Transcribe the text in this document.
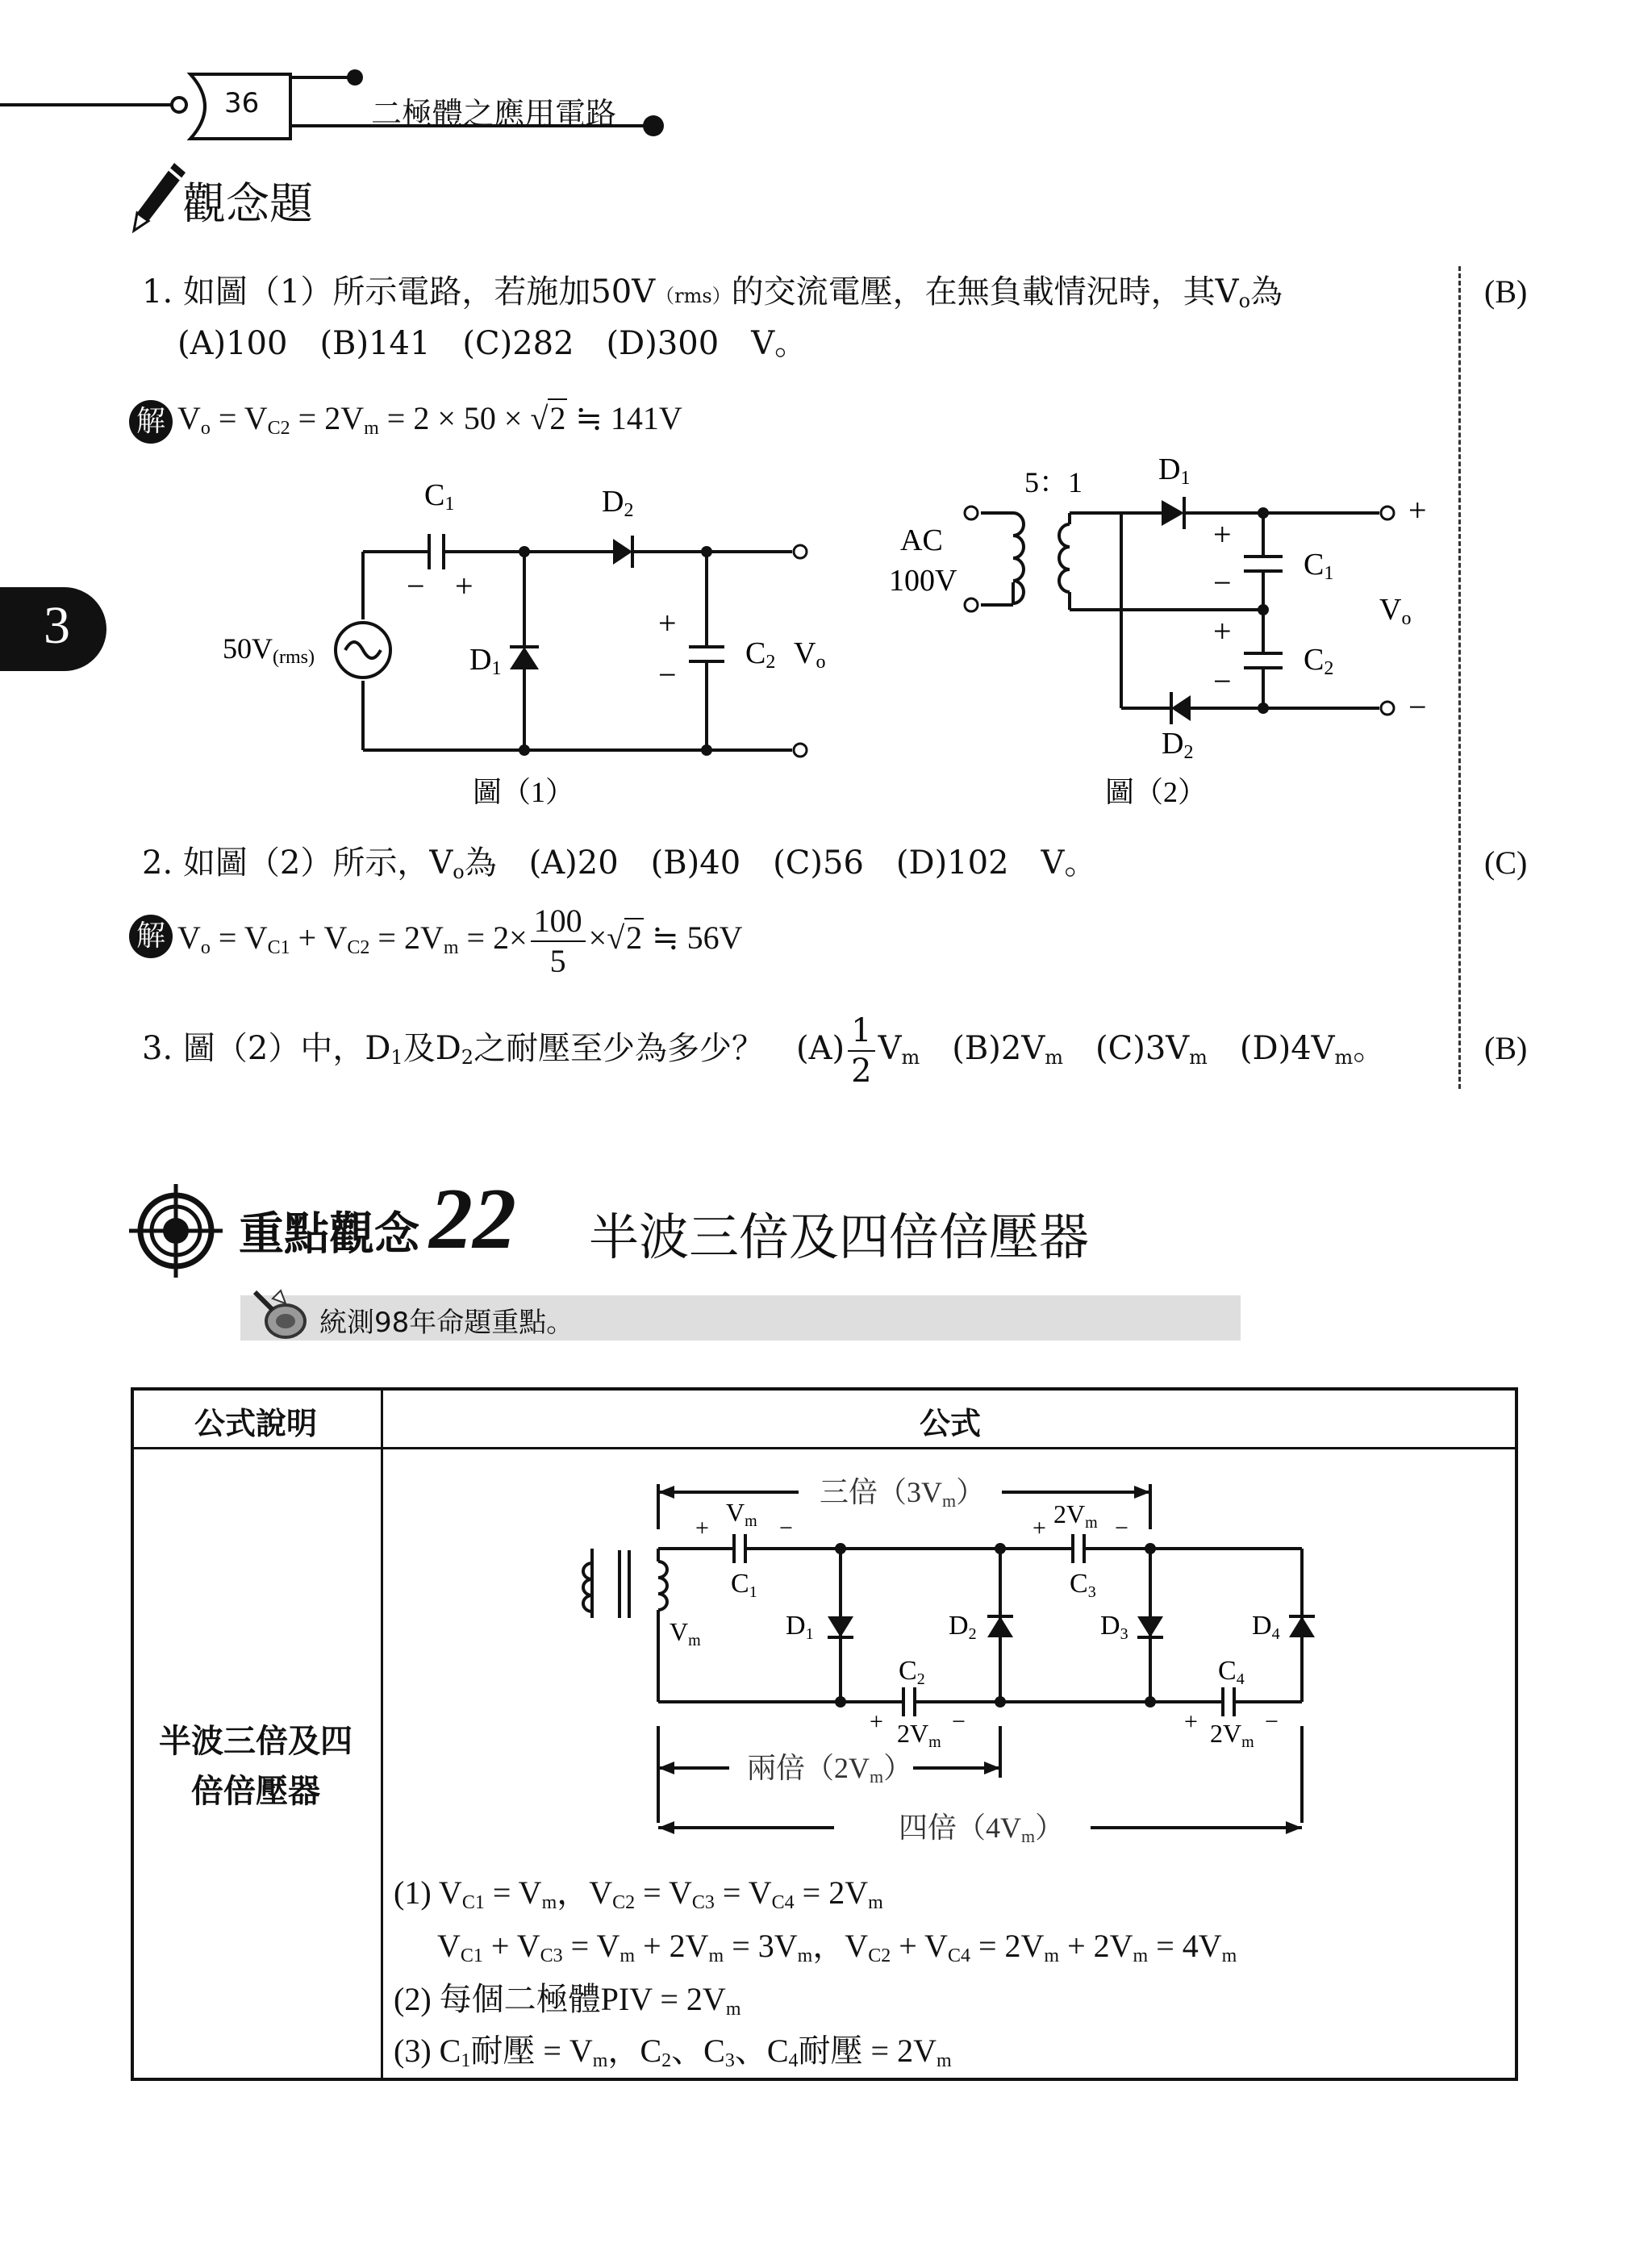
36	二極體之應用電路
3
觀念題
1. 如圖（1）所示電路，若施加50V（rms）的交流電壓，在無負載情況時，其$V_o$為
(A)100　(B)141　(C)282　(D)300　V。
(B)
解 $V_o = V_{C2} = 2V_m = 2 \times 50 \times √2$ ≒ 141V
C1	D2
− +
D1
+
−
C2 Vo
50V(rms)
圖（1）
5：1
AC
100V
D1
+
+
− C1
Vo
+
−
C2
−
D2
圖（2）
2. 如圖（2）所示，$V_o$為　(A)20　(B)40　(C)56　(D)102　V。	(C)
解 $V_o = V_{C1} + V_{C2} = 2V_m = 2\times \frac{100}{5} \times√2$ ≒ 56V
3. 圖（2）中，$D_1$及$D_2$之耐壓至少為多少？　$(A) \frac{1}{2} V_m$　 $(B)2V_m$　 $(C)3V_m$　 $(D)4V_m$。	(B)
重點觀念 22 半波三倍及四倍倍壓器
統測98年命題重點。
公式說明	公式
半波三倍及四
倍倍壓器
三倍（3Vm）
+
Vm −
C1
+ 2Vm −
C3
Vm	D1	D2	D3	D4
C2	C4
+ 2Vm
−	+ 2Vm
−
兩倍（2Vm）
四倍（4Vm）
(1) $V_{C1} = V_m$，$V_{C2} = V_{C3} = V_{C4} = 2V_m$
$V_{C1} + V_{C3} = V_m + 2V_m = 3V_m$，$V_{C2} + V_{C4} = 2V_m + 2V_m = 4V_m$
(2) 每個二極體PIV = $2V_m$
(3) $C_1$耐壓 = $V_m$，$C_2$、$C_3$、$C_4$耐壓 = $2V_m$
